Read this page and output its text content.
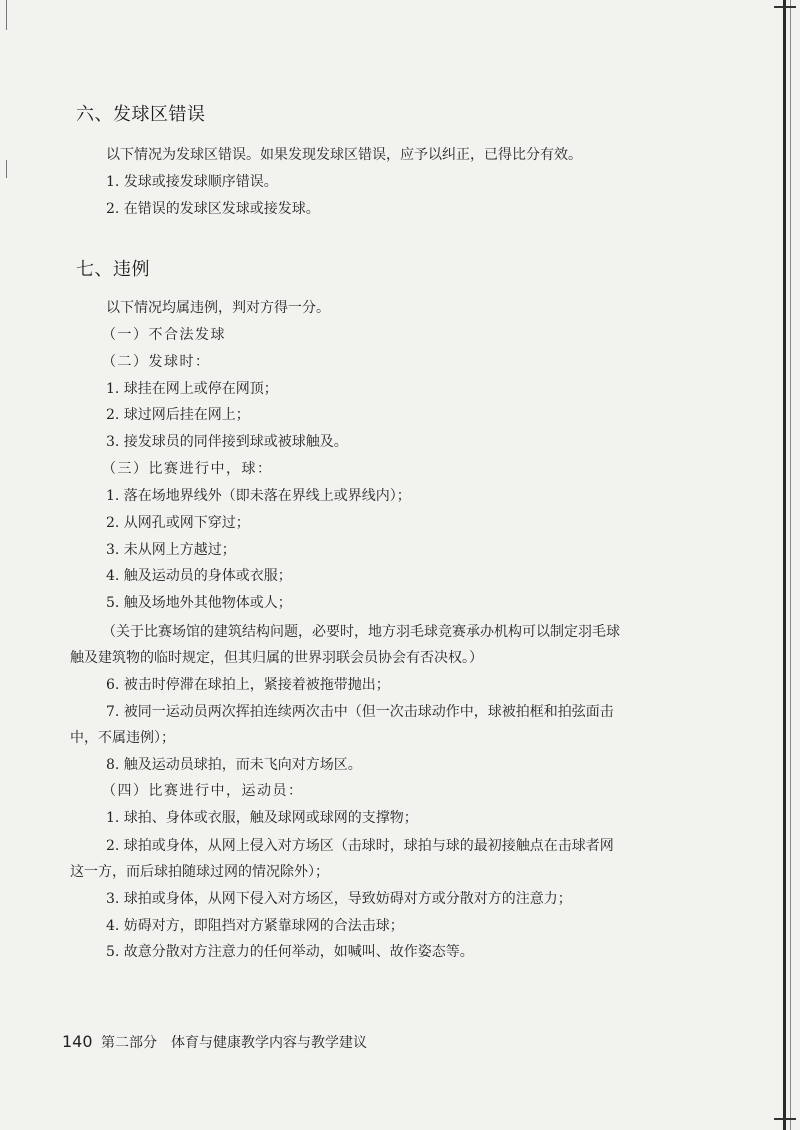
六、发球区错误
以下情况为发球区错误。如果发现发球区错误，应予以纠正，已得比分有效。
1. 发球或接发球顺序错误。
2. 在错误的发球区发球或接发球。
七、违例
以下情况均属违例，判对方得一分。
（一）不合法发球
（二）发球时：
1. 球挂在网上或停在网顶；
2. 球过网后挂在网上；
3. 接发球员的同伴接到球或被球触及。
（三）比赛进行中，球：
1. 落在场地界线外（即未落在界线上或界线内）；
2. 从网孔或网下穿过；
3. 未从网上方越过；
4. 触及运动员的身体或衣服；
5. 触及场地外其他物体或人；
（关于比赛场馆的建筑结构问题，必要时，地方羽毛球竞赛承办机构可以制定羽毛球
触及建筑物的临时规定，但其归属的世界羽联会员协会有否决权。）
6. 被击时停滞在球拍上，紧接着被拖带抛出；
7. 被同一运动员两次挥拍连续两次击中（但一次击球动作中，球被拍框和拍弦面击
中，不属违例）；
8. 触及运动员球拍，而未飞向对方场区。
（四）比赛进行中，运动员：
1. 球拍、身体或衣服，触及球网或球网的支撑物；
2. 球拍或身体，从网上侵入对方场区（击球时，球拍与球的最初接触点在击球者网
这一方，而后球拍随球过网的情况除外）；
3. 球拍或身体，从网下侵入对方场区，导致妨碍对方或分散对方的注意力；
4. 妨碍对方，即阻挡对方紧靠球网的合法击球；
5. 故意分散对方注意力的任何举动，如喊叫、故作姿态等。
140 第二部分　体育与健康教学内容与教学建议
